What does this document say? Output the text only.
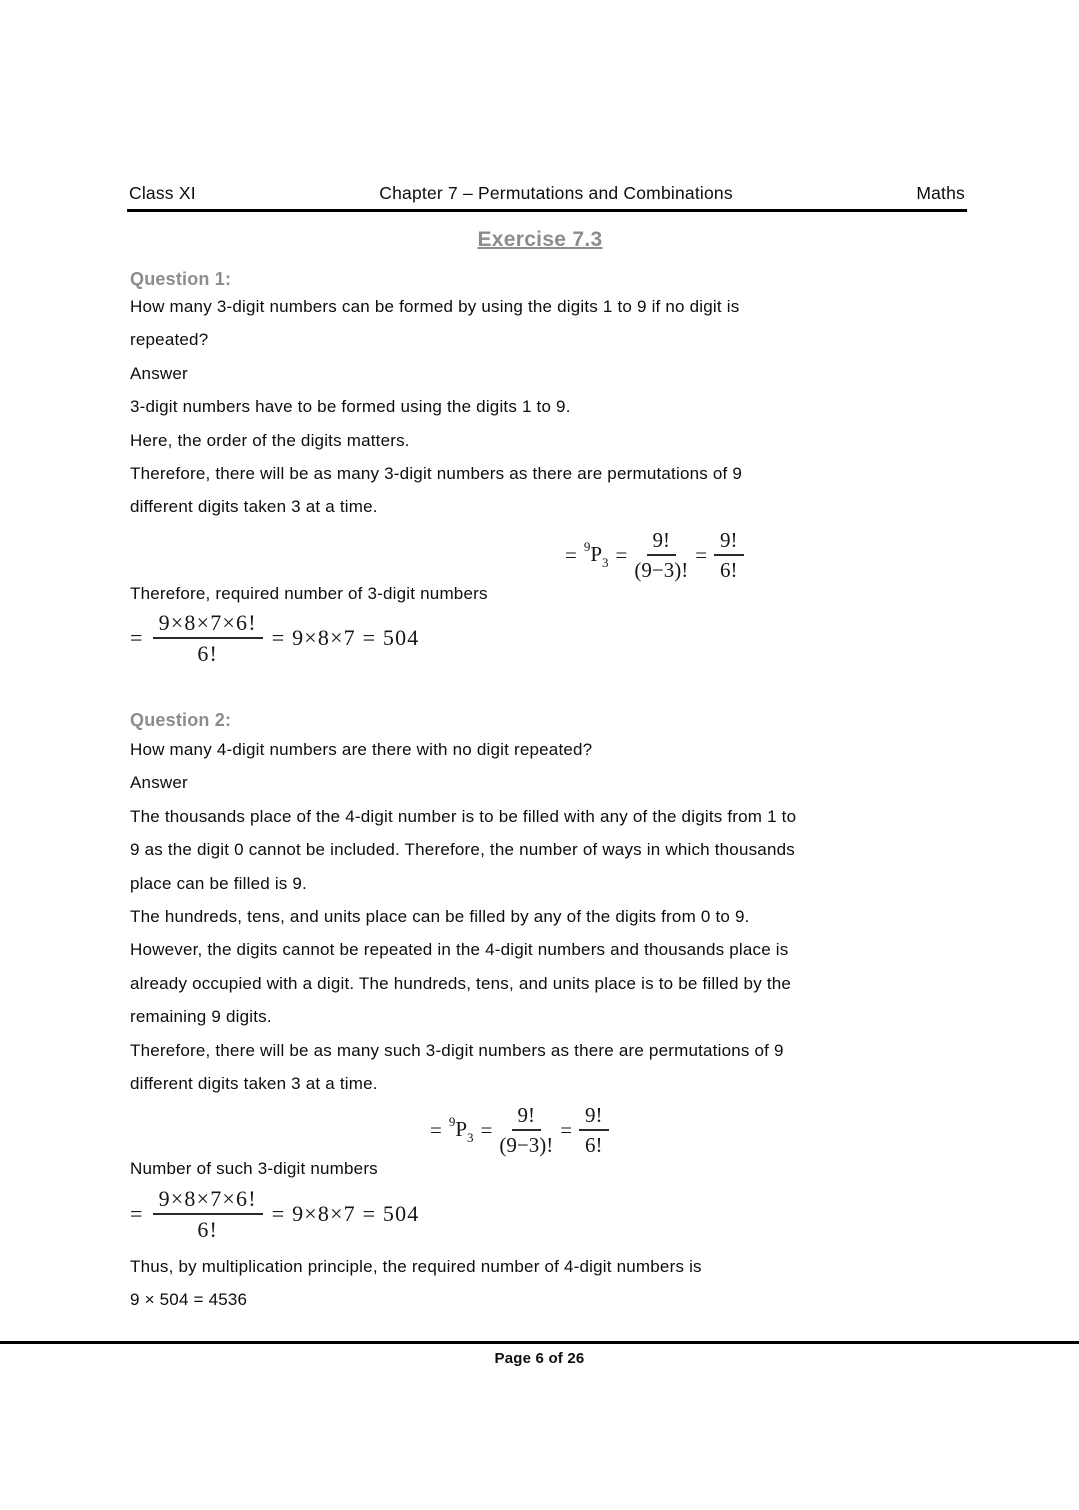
Class XI	Chapter 7 – Permutations and Combinations	Maths
Exercise 7.3
Question 1:
How many 3-digit numbers can be formed by using the digits 1 to 9 if no digit is
repeated?
Answer
3-digit numbers have to be formed using the digits 1 to 9.
Here, the order of the digits matters.
Therefore, there will be as many 3-digit numbers as there are permutations of 9
different digits taken 3 at a time.
Therefore, required number of 3-digit numbers
= $^9P_3 = \frac{9!}{(9-3)!} = \frac{9!}{6!}$
= $\frac{9\times 8\times 7\times 6!}{6!} = 9\times 8\times 7 = 504$
Question 2:
How many 4-digit numbers are there with no digit repeated?
Answer
The thousands place of the 4-digit number is to be filled with any of the digits from 1 to
9 as the digit 0 cannot be included. Therefore, the number of ways in which thousands
place can be filled is 9.
The hundreds, tens, and units place can be filled by any of the digits from 0 to 9.
However, the digits cannot be repeated in the 4-digit numbers and thousands place is
already occupied with a digit. The hundreds, tens, and units place is to be filled by the
remaining 9 digits.
Therefore, there will be as many such 3-digit numbers as there are permutations of 9
different digits taken 3 at a time.
Number of such 3-digit numbers
= $^9P_3 = \frac{9!}{(9-3)!} = \frac{9!}{6!}$
= $\frac{9\times 8\times 7\times 6!}{6!} = 9\times 8\times 7 = 504$
Thus, by multiplication principle, the required number of 4-digit numbers is
9 × 504 = 4536
Page 6 of 26
